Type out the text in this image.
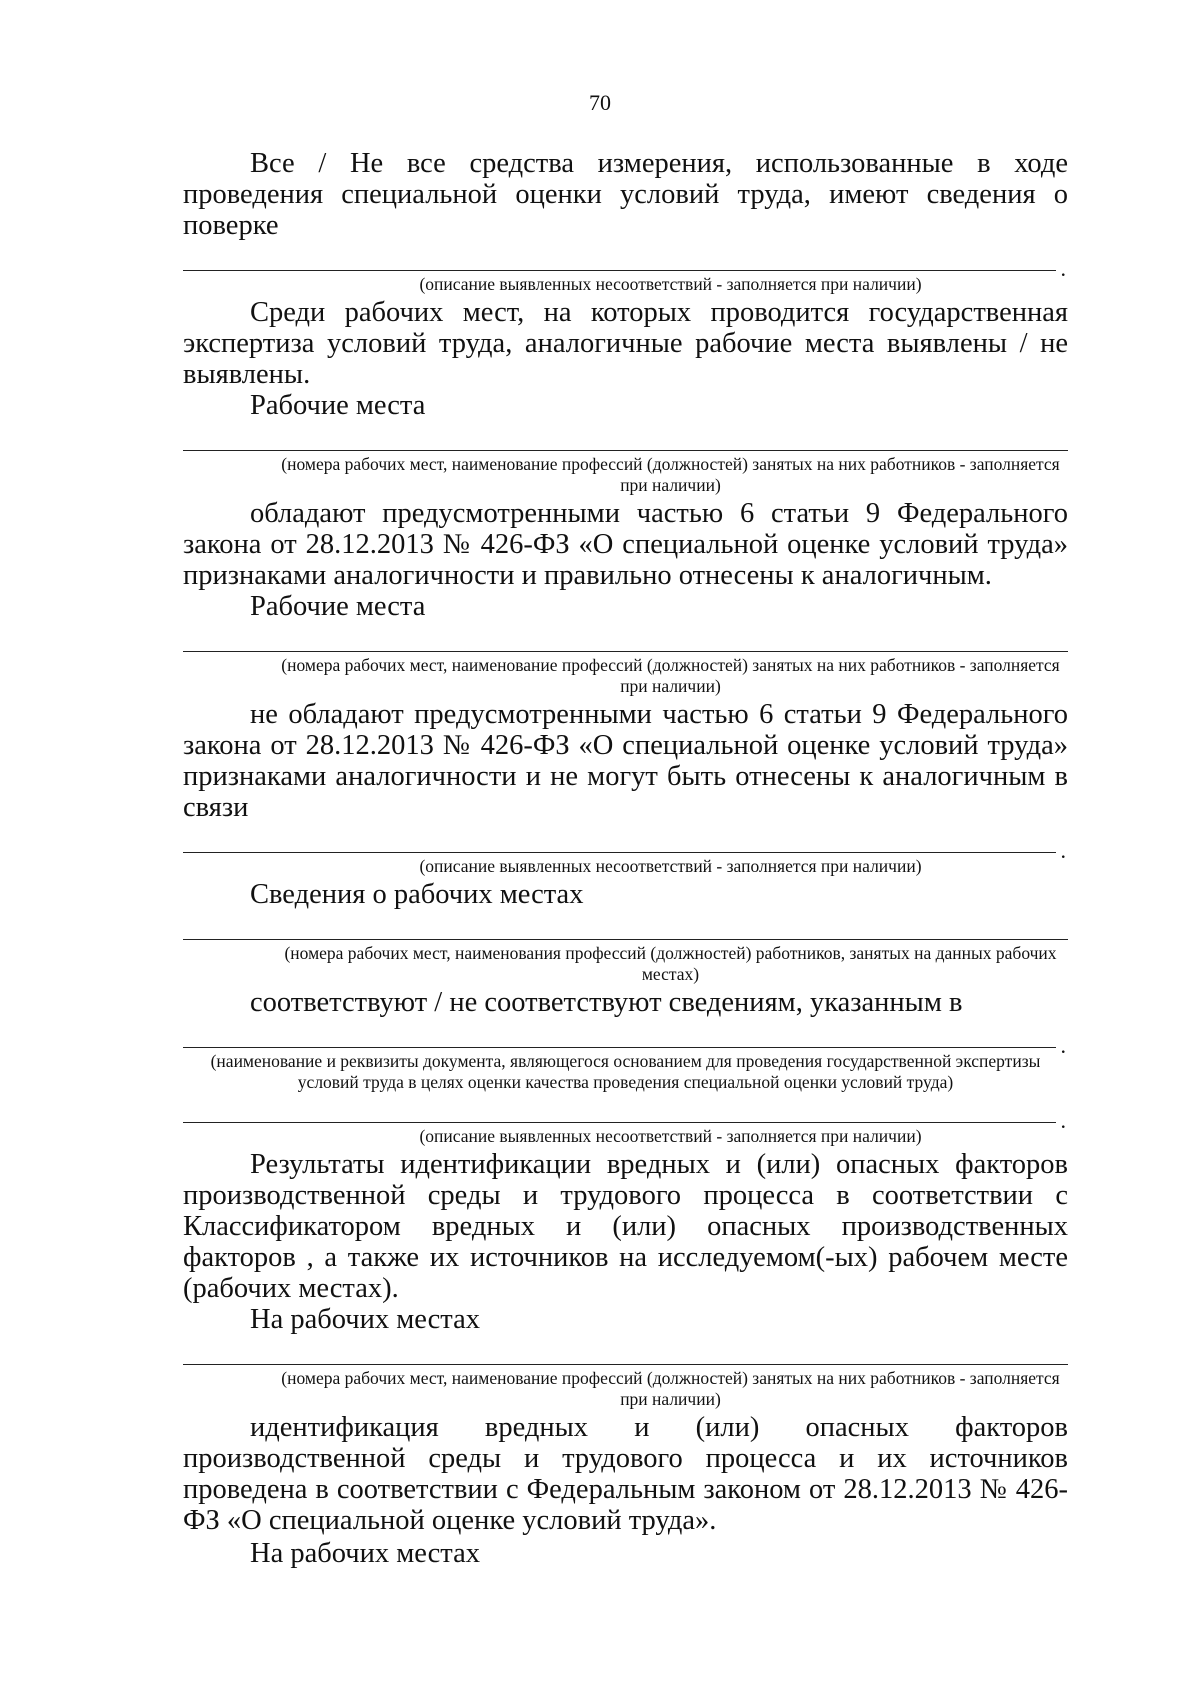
70

Все / Не все средства измерения, использованные в ходе проведения специальной оценки условий труда, имеют сведения о поверке

.
(описание выявленных несоответствий - заполняется при наличии)

Среди рабочих мест, на которых проводится государственная экспертиза условий труда, аналогичные рабочие места выявлены / не выявлены.

Рабочие места

(номера рабочих мест, наименование профессий (должностей) занятых на них работников - заполняется при наличии)

обладают предусмотренными частью 6 статьи 9 Федерального закона от 28.12.2013 № 426-ФЗ «О специальной оценке условий труда» признаками аналогичности и правильно отнесены к аналогичным.

Рабочие места

(номера рабочих мест, наименование профессий (должностей) занятых на них работников - заполняется при наличии)

не обладают предусмотренными частью 6 статьи 9 Федерального закона от 28.12.2013 № 426-ФЗ «О специальной оценке условий труда» признаками аналогичности и не могут быть отнесены к аналогичным в связи

.
(описание выявленных несоответствий - заполняется при наличии)

Сведения о рабочих местах

(номера рабочих мест, наименования профессий (должностей) работников, занятых на данных рабочих местах)

соответствуют / не соответствуют сведениям, указанным в

.
(наименование и реквизиты документа, являющегося основанием для проведения государственной экспертизы условий труда в целях оценки качества проведения специальной оценки условий труда)
.
(описание выявленных несоответствий - заполняется при наличии)

Результаты идентификации вредных и (или) опасных факторов производственной среды и трудового процесса в соответствии с Классификатором вредных и (или) опасных производственных факторов , а также их источников на исследуемом(-ых) рабочем месте (рабочих местах).

На рабочих местах

(номера рабочих мест, наименование профессий (должностей) занятых на них работников - заполняется при наличии)

идентификация вредных и (или) опасных факторов производственной среды и трудового процесса и их источников проведена в соответствии с Федеральным законом от 28.12.2013 № 426-ФЗ «О специальной оценке условий труда».

На рабочих местах
